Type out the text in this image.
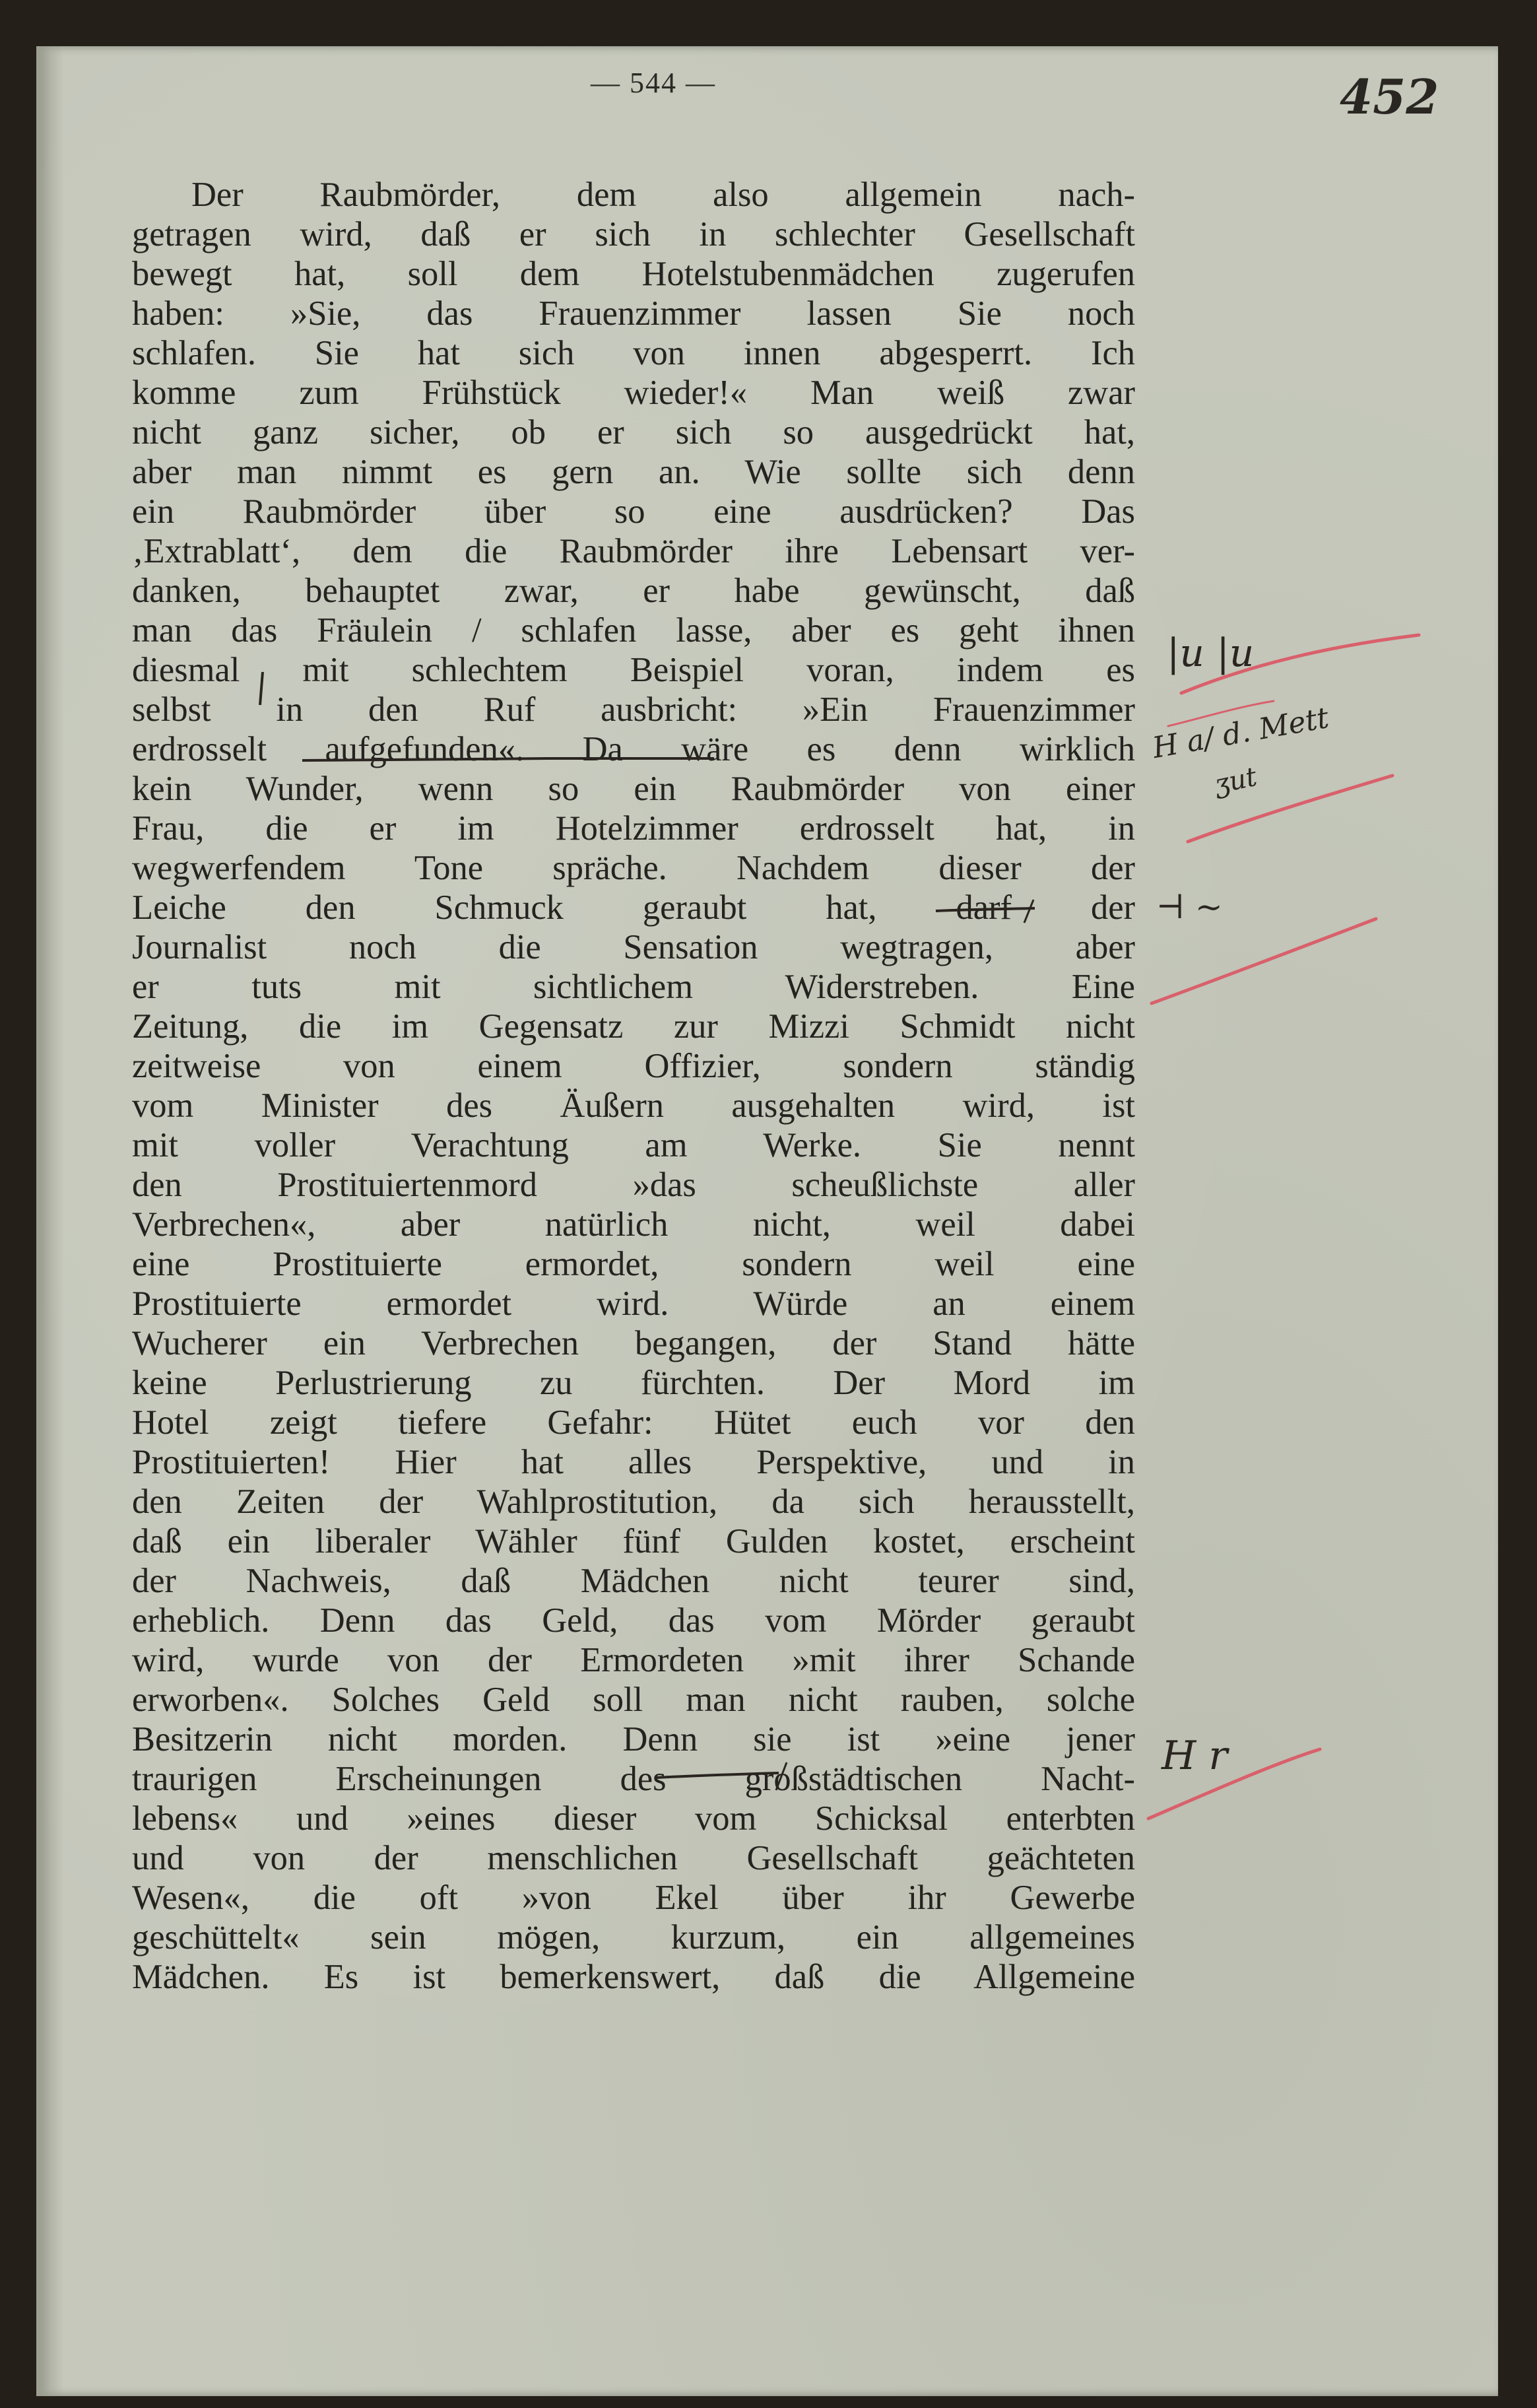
— 544 —	452
Der Raubmörder, dem also allgemein nach-
getragen wird, daß er sich in schlechter Gesellschaft
bewegt hat, soll dem Hotelstubenmädchen zugerufen
haben: »Sie, das Frauenzimmer lassen Sie noch
schlafen. Sie hat sich von innen abgesperrt. Ich
komme zum Frühstück wieder!« Man weiß zwar
nicht ganz sicher, ob er sich so ausgedrückt hat,
aber man nimmt es gern an. Wie sollte sich denn
ein Raubmörder über so eine ausdrücken? Das
‚Extrablatt‘, dem die Raubmörder ihre Lebensart ver-
danken, behauptet zwar, er habe gewünscht, daß
man das Fräulein / schlafen lasse, aber es geht ihnen
diesmal mit schlechtem Beispiel voran, indem es
selbst in den Ruf ausbricht: »Ein Frauenzimmer
erdrosselt aufgefunden«. Da wäre es denn wirklich
kein Wunder, wenn so ein Raubmörder von einer
Frau, die er im Hotelzimmer erdrosselt hat, in
wegwerfendem Tone spräche. Nachdem dieser der
Leiche den Schmuck geraubt hat, darf der
Journalist noch die Sensation wegtragen, aber
er tuts mit sichtlichem Widerstreben. Eine
Zeitung, die im Gegensatz zur Mizzi Schmidt nicht
zeitweise von einem Offizier, sondern ständig
vom Minister des Äußern ausgehalten wird, ist
mit voller Verachtung am Werke. Sie nennt
den Prostituiertenmord »das scheußlichste aller
Verbrechen«, aber natürlich nicht, weil dabei
eine Prostituierte ermordet, sondern weil eine
Prostituierte ermordet wird. Würde an einem
Wucherer ein Verbrechen begangen, der Stand hätte
keine Perlustrierung zu fürchten. Der Mord im
Hotel zeigt tiefere Gefahr: Hütet euch vor den
Prostituierten! Hier hat alles Perspektive, und in
den Zeiten der Wahlprostitution, da sich herausstellt,
daß ein liberaler Wähler fünf Gulden kostet, erscheint
der Nachweis, daß Mädchen nicht teurer sind,
erheblich. Denn das Geld, das vom Mörder geraubt
wird, wurde von der Ermordeten »mit ihrer Schande
erworben«. Solches Geld soll man nicht rauben, solche
Besitzerin nicht morden. Denn sie ist »eine jener
traurigen Erscheinungen des großstädtischen Nacht-
lebens« und »eines dieser vom Schicksal enterbten
und von der menschlichen Gesellschaft geächteten
Wesen«, die oft »von Ekel über ihr Gewerbe
geschüttelt« sein mögen, kurzum, ein allgemeines
Mädchen. Es ist bemerkenswert, daß die Allgemeine
|u |u
H a/ d. Mett
ʒut
⊣ ~
H r
